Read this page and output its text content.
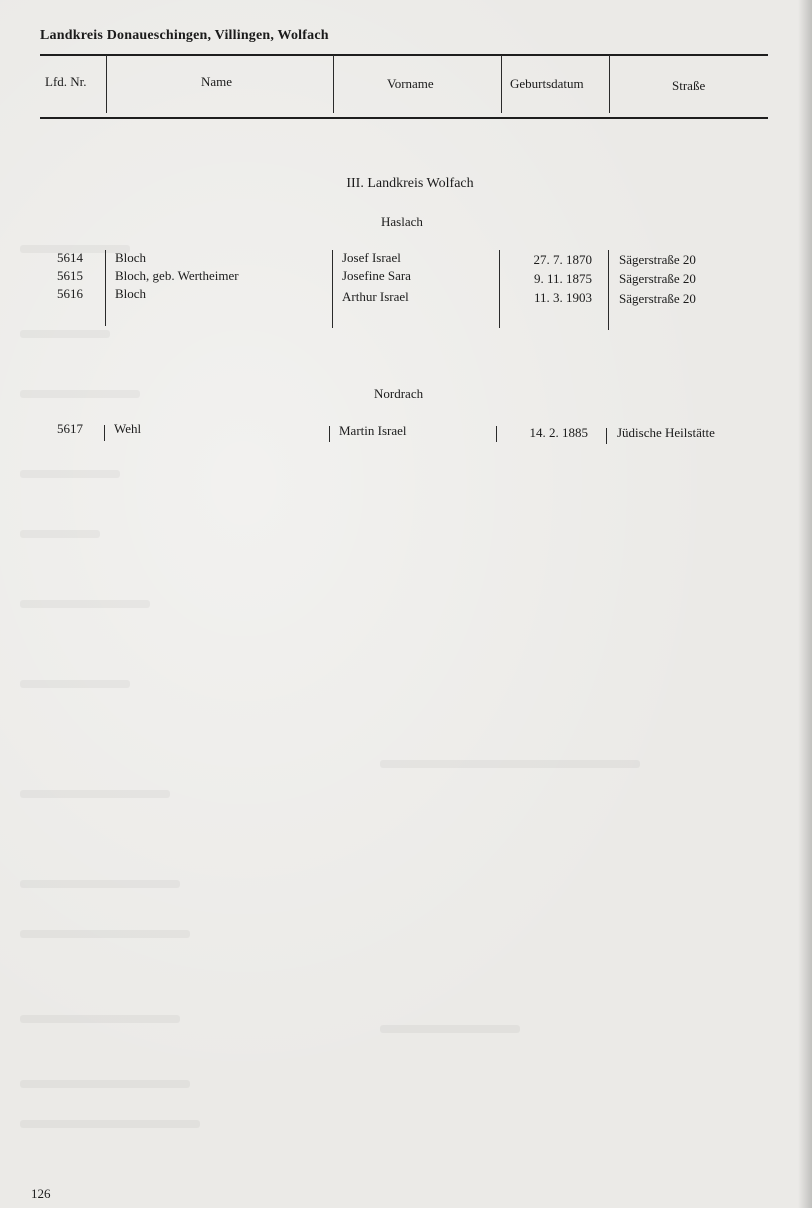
Landkreis Donaueschingen, Villingen, Wolfach
Lfd. Nr.	Name	Vorname	Geburtsdatum	Straße
III. Landkreis Wolfach
Haslach
5614 Bloch	Josef Israel	27. 7. 1870 Sägerstraße 20
5615 Bloch, geb. Wertheimer	Josefine Sara	9. 11. 1875 Sägerstraße 20
5616 Bloch	Arthur Israel	11. 3. 1903 Sägerstraße 20
Nordrach
5617 Wehl	Martin Israel	14. 2. 1885 Jüdische Heilstätte
126
